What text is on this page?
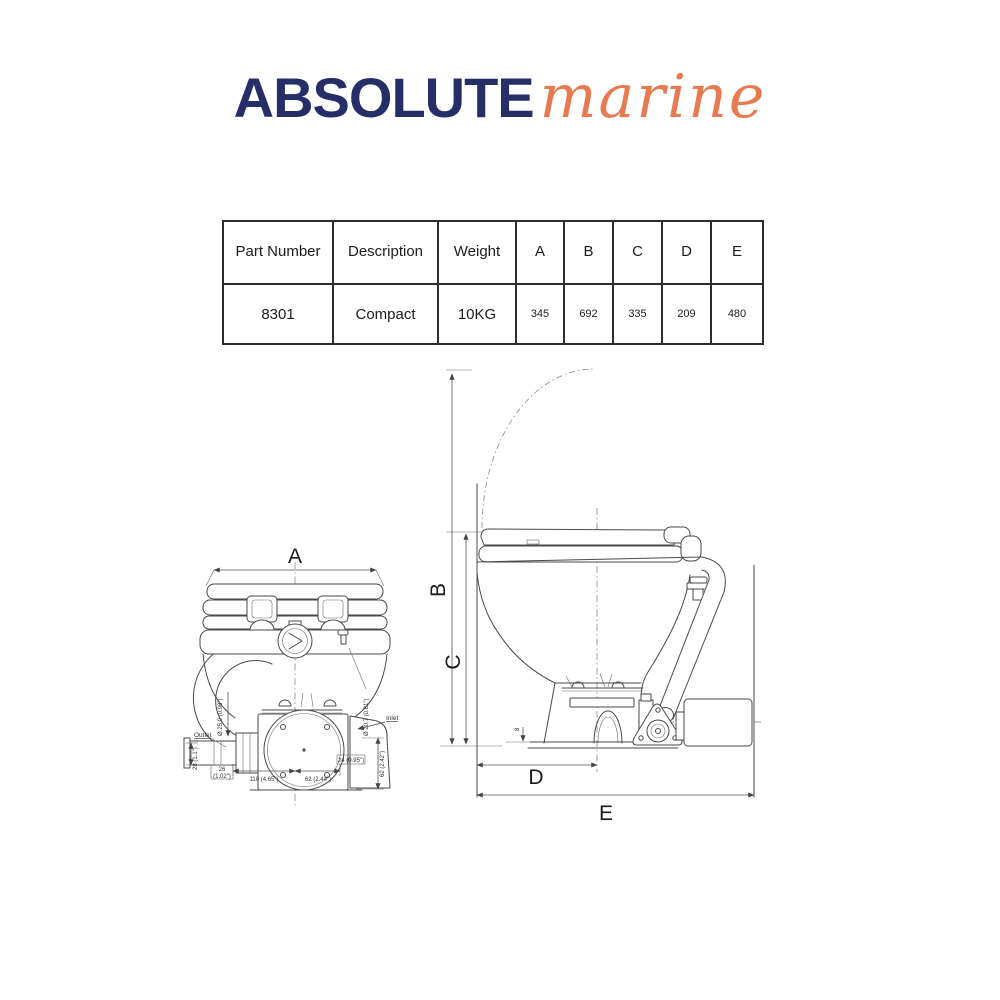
ABSOLUTE marine
Part Number	Description	Weight	A	B	C	D	E
8301	Compact	10KG	345	692	335	209	480
A
Outlet Ø 25.0 (0.98")
28 (1.1")	26
(1.02")	110 (4.65")	62 (2.44")
24 (0.95")
Ø 20.7 (0.81") Inlet
62 (2.42")
B
C
8
D
E
